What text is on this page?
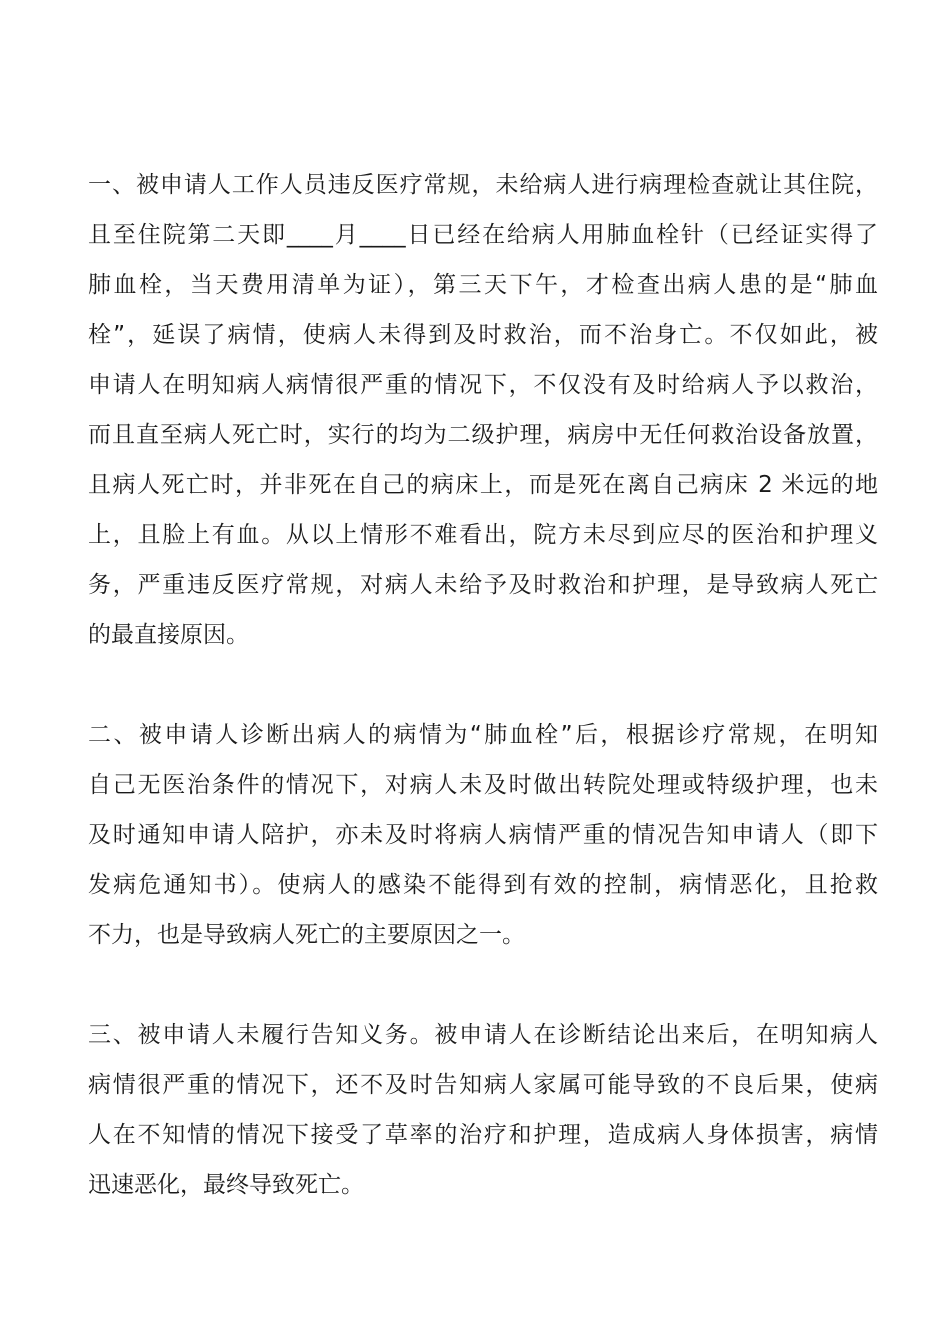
一、被申请人工作人员违反医疗常规，未给病人进行病理检查就让其住院，
且至住院第二天即____月____日已经在给病人用肺血栓针（已经证实得了
肺血栓，当天费用清单为证），第三天下午，才检查出病人患的是“肺血
栓”，延误了病情，使病人未得到及时救治，而不治身亡。不仅如此，被
申请人在明知病人病情很严重的情况下，不仅没有及时给病人予以救治，
而且直至病人死亡时，实行的均为二级护理，病房中无任何救治设备放置，
且病人死亡时，并非死在自己的病床上，而是死在离自己病床 2 米远的地
上，且脸上有血。从以上情形不难看出，院方未尽到应尽的医治和护理义
务，严重违反医疗常规，对病人未给予及时救治和护理，是导致病人死亡
的最直接原因。
二、被申请人诊断出病人的病情为“肺血栓”后，根据诊疗常规，在明知
自己无医治条件的情况下，对病人未及时做出转院处理或特级护理，也未
及时通知申请人陪护，亦未及时将病人病情严重的情况告知申请人（即下
发病危通知书）。使病人的感染不能得到有效的控制，病情恶化，且抢救
不力，也是导致病人死亡的主要原因之一。
三、被申请人未履行告知义务。被申请人在诊断结论出来后，在明知病人
病情很严重的情况下，还不及时告知病人家属可能导致的不良后果，使病
人在不知情的情况下接受了草率的治疗和护理，造成病人身体损害，病情
迅速恶化，最终导致死亡。
